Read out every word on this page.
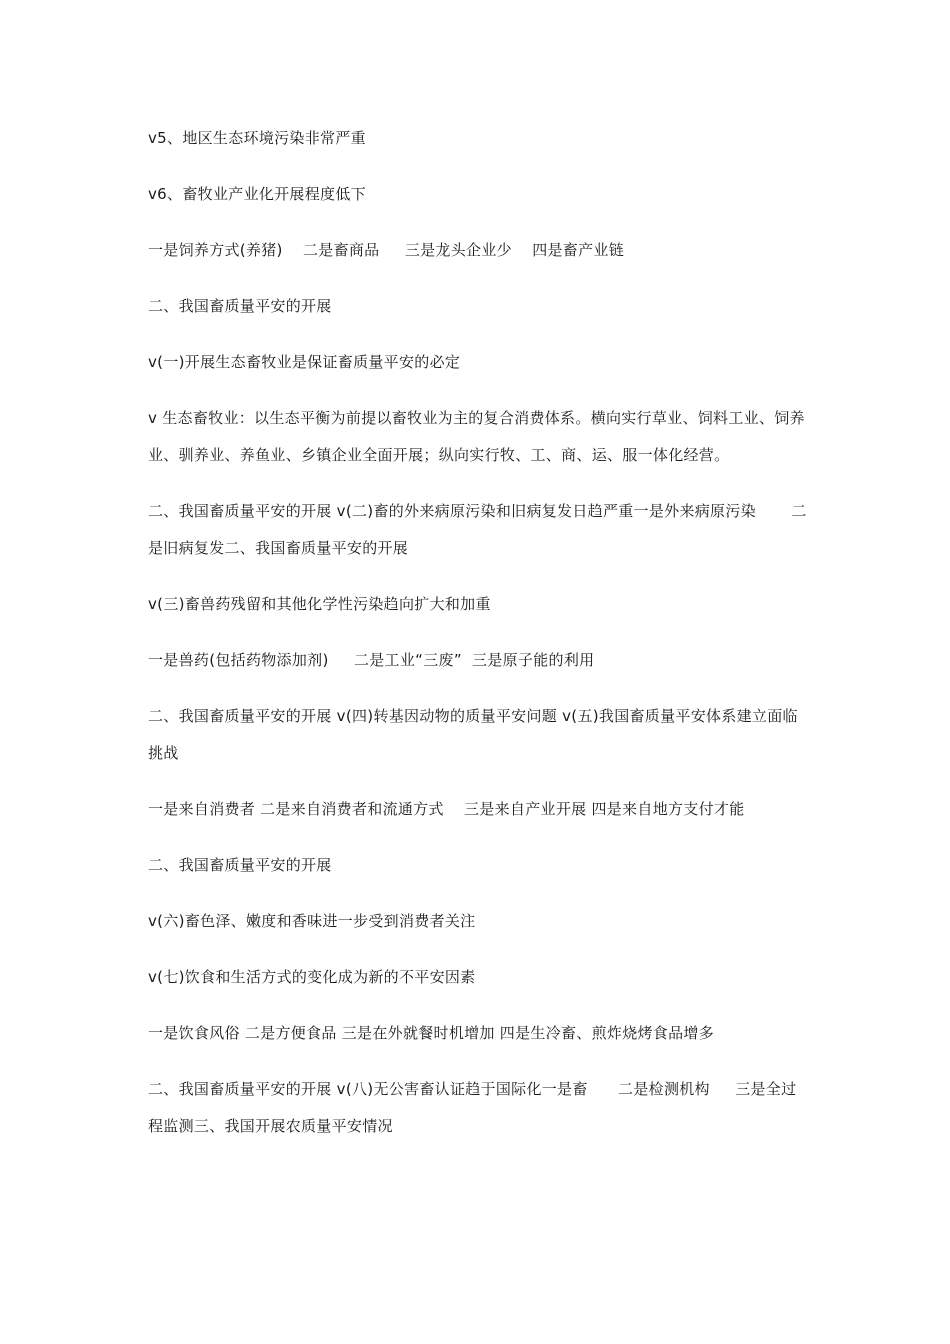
v5、地区生态环境污染非常严重

v6、畜牧业产业化开展程度低下

一是饲养方式(养猪)    二是畜商品     三是龙头企业少    四是畜产业链

二、我国畜质量平安的开展

v(一)开展生态畜牧业是保证畜质量平安的必定

v 生态畜牧业：以生态平衡为前提以畜牧业为主的复合消费体系。横向实行草业、饲料工业、饲养业、驯养业、养鱼业、乡镇企业全面开展；纵向实行牧、工、商、运、服一体化经营。

二、我国畜质量平安的开展 v(二)畜的外来病原污染和旧病复发日趋严重一是外来病原污染       二是旧病复发二、我国畜质量平安的开展

v(三)畜兽药残留和其他化学性污染趋向扩大和加重

一是兽药(包括药物添加剂)     二是工业“三废”  三是原子能的利用

二、我国畜质量平安的开展 v(四)转基因动物的质量平安问题 v(五)我国畜质量平安体系建立面临挑战

一是来自消费者 二是来自消费者和流通方式    三是来自产业开展 四是来自地方支付才能

二、我国畜质量平安的开展

v(六)畜色泽、嫩度和香味进一步受到消费者关注

v(七)饮食和生活方式的变化成为新的不平安因素

一是饮食风俗 二是方便食品 三是在外就餐时机增加 四是生冷畜、煎炸烧烤食品增多

二、我国畜质量平安的开展 v(八)无公害畜认证趋于国际化一是畜      二是检测机构     三是全过程监测三、我国开展农质量平安情况
